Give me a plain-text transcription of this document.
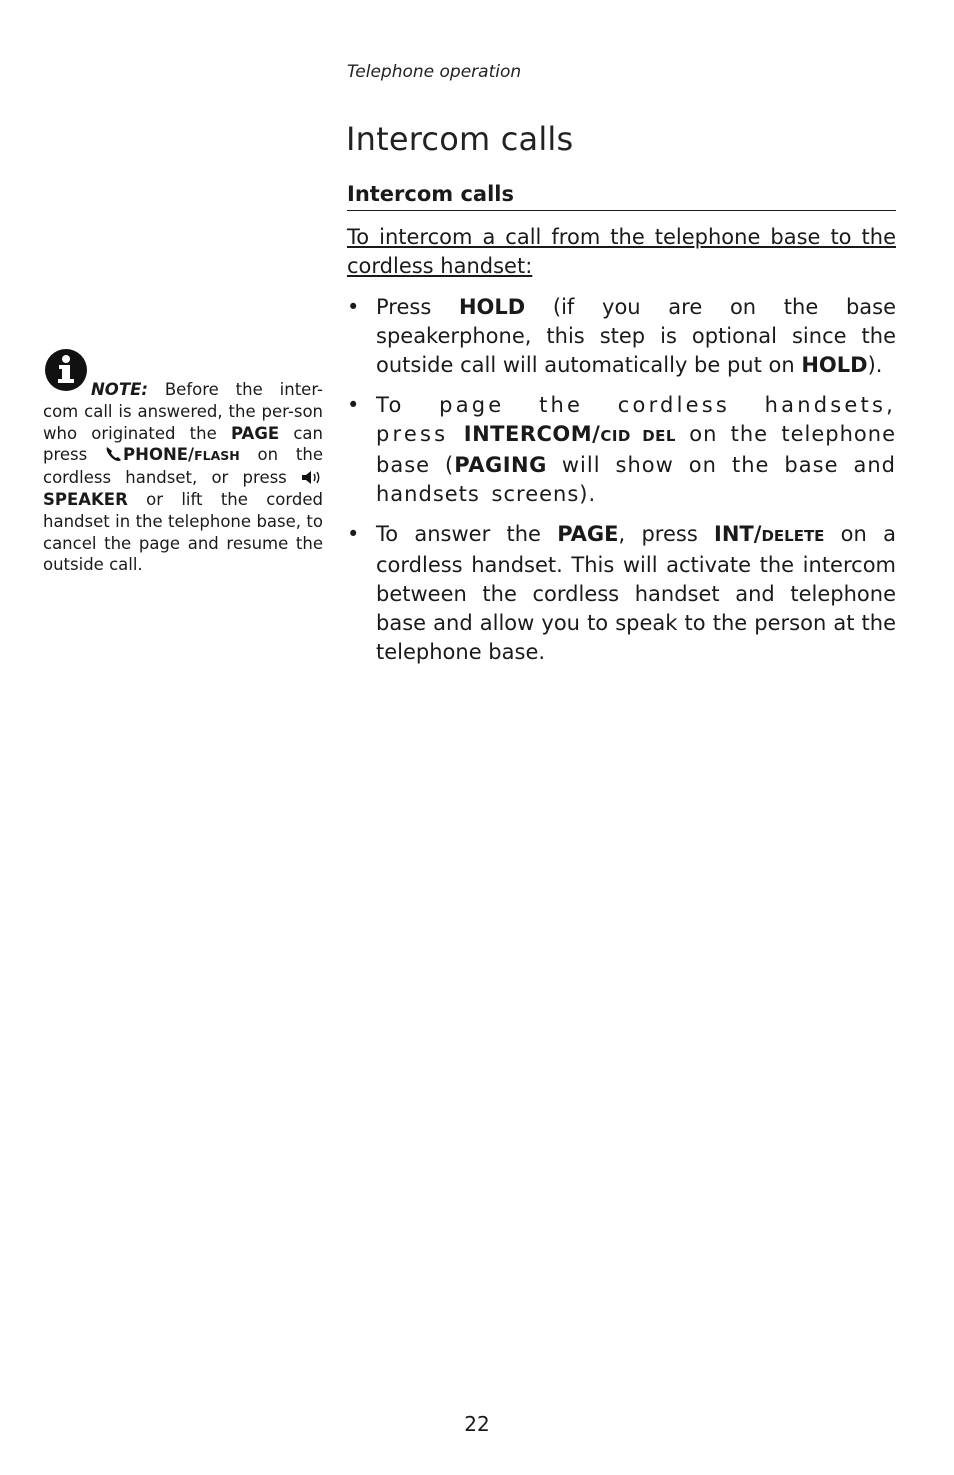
Telephone operation
Intercom calls
Intercom calls

To intercom a call from the telephone base to the cordless handset:

• Press HOLD (if you are on the base speakerphone, this step is optional since the outside call will automatically be put on HOLD).
• To page the cordless handsets, press INTERCOM/CID DEL on the telephone base (PAGING will show on the base and handsets screens).
• To answer the PAGE, press INT/DELETE on a cordless handset. This will activate the intercom between the cordless handset and telephone base and allow you to speak to the person at the telephone base.

NOTE: Before the inter-com call is answered, the per-son who originated the PAGE can press PHONE/FLASH on the cordless handset, or press SPEAKER or lift the corded handset in the telephone base, to cancel the page and resume the outside call.

22
